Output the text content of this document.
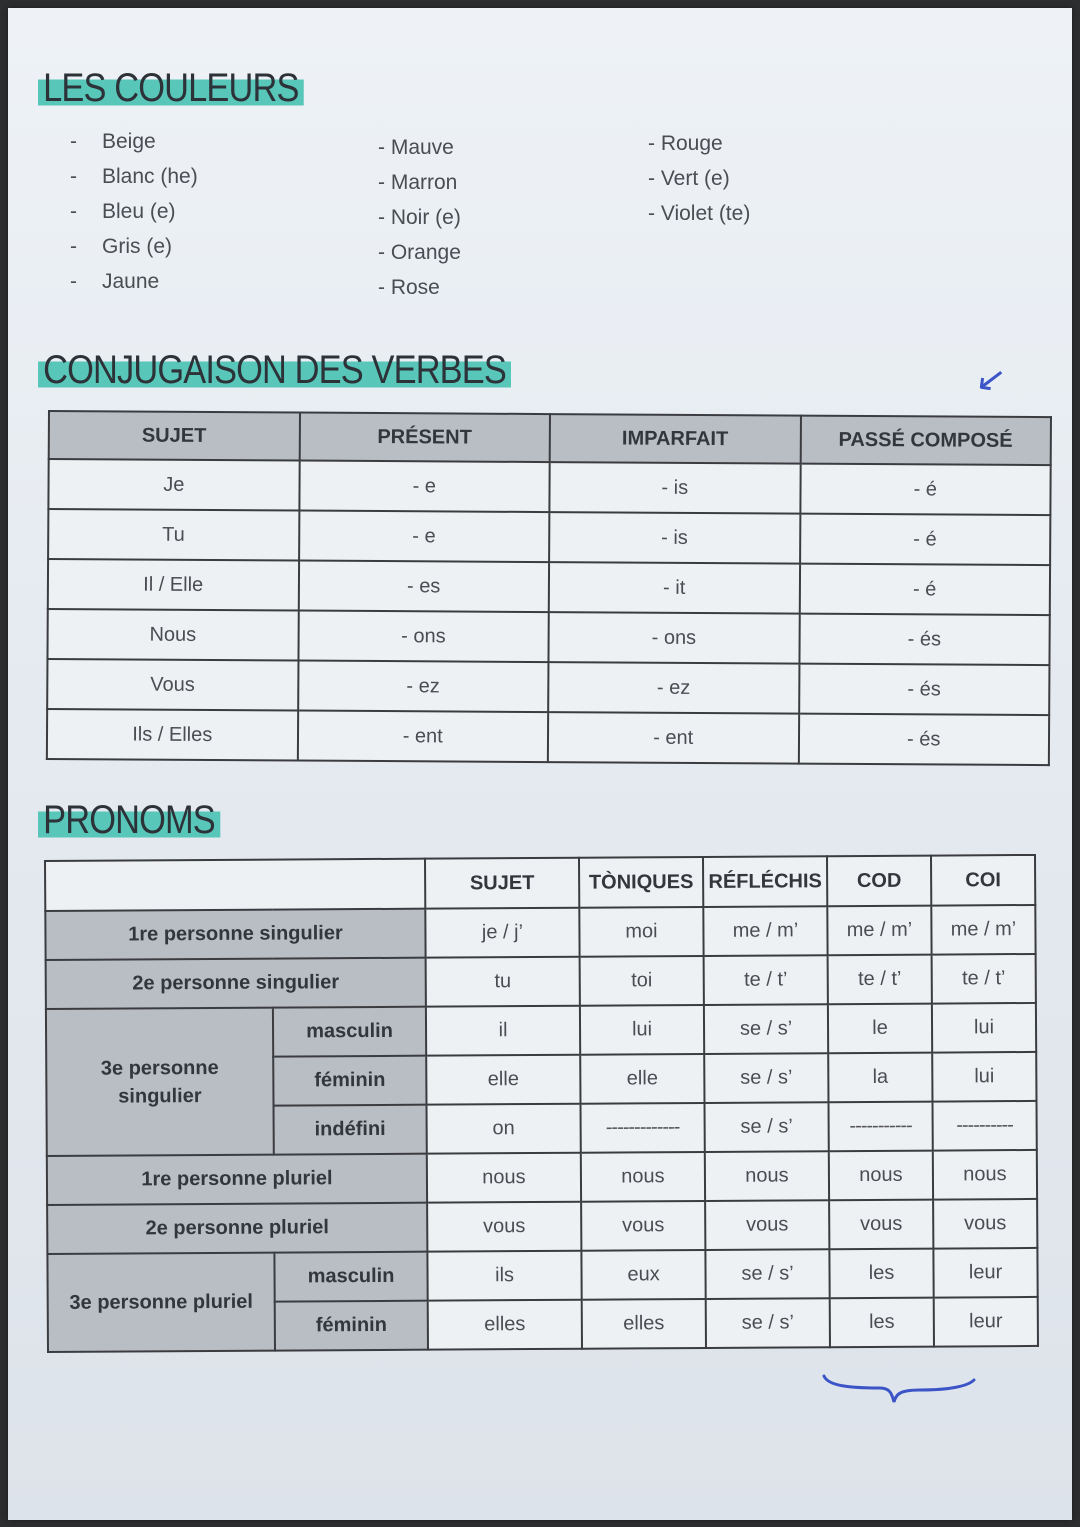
LES COULEURS
- Beige
- Blanc (he)
- Bleu (e)
- Gris (e)
- Jaune
- Mauve
- Marron
- Noir (e)
- Orange
- Rose
- Rouge
- Vert (e)
- Violet (te)
CONJUGAISON DES VERBES	↙
SUJET	PRÉSENT	IMPARFAIT	PASSÉ COMPOSÉ
Je	- e	- is	- é
Tu	- e	- is	- é
Il / Elle	- es	- it	- é
Nous	- ons	- ons	- és
Vous	- ez	- ez	- és
Ils / Elles	- ent	- ent	- és
PRONOMS
		SUJET	TÒNIQUES	RÉFLÉCHIS	COD	COI
1re personne singulier		je / j’	moi	me / m’	me / m’	me / m’
2e personne singulier		tu	toi	te / t’	te / t’	te / t’
3e personne singulier	masculin	il	lui	se / s’	le	lui
	féminin	elle	elle	se / s’	la	lui
	indéfini	on	-------------	se / s’	-----------	----------
1re personne pluriel		nous	nous	nous	nous	nous
2e personne pluriel		vous	vous	vous	vous	vous
3e personne pluriel	masculin	ils	eux	se / s’	les	leur
	féminin	elles	elles	se / s’	les	leur
